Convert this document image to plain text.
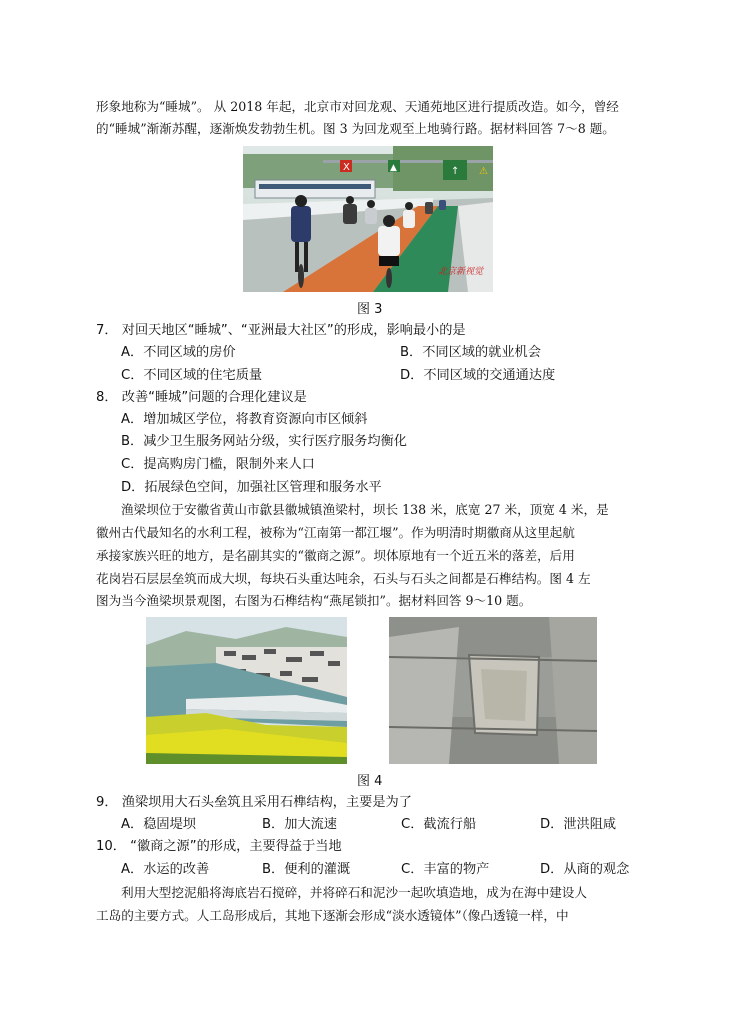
形象地称为“睡城”。 从 2018 年起，北京市对回龙观、天通苑地区进行提质改造。如今，曾经
的“睡城”渐渐苏醒，逐渐焕发勃勃生机。图 3 为回龙观至上地骑行路。据材料回答 7～8 题。
X	▲	↑ ⚠
北京新视觉
图 3
7． 对回天地区“睡城”、“亚洲最大社区”的形成，影响最小的是
A．不同区域的房价	B．不同区域的就业机会
C．不同区域的住宅质量	D．不同区域的交通通达度
8． 改善“睡城”问题的合理化建议是
A．增加城区学位，将教育资源向市区倾斜
B．减少卫生服务网站分级，实行医疗服务均衡化
C．提高购房门槛，限制外来人口
D．拓展绿色空间，加强社区管理和服务水平
渔梁坝位于安徽省黄山市歙县徽城镇渔梁村，坝长 138 米，底宽 27 米，顶宽 4 米，是
徽州古代最知名的水利工程，被称为“江南第一都江堰”。作为明清时期徽商从这里起航
承接家族兴旺的地方，是名副其实的“徽商之源”。坝体原地有一个近五米的落差，后用
花岗岩石层层垒筑而成大坝，每块石头重达吨余，石头与石头之间都是石榫结构。图 4 左
图为当今渔梁坝景观图，右图为石榫结构“燕尾锁扣”。据材料回答 9～10 题。
图 4
9． 渔梁坝用大石头垒筑且采用石榫结构，主要是为了
A．稳固堤坝	B．加大流速	C．截流行船	D．泄洪阻咸
10． “徽商之源”的形成，主要得益于当地
A．水运的改善	B．便利的灌溉	C．丰富的物产	D．从商的观念
利用大型挖泥船将海底岩石搅碎，并将碎石和泥沙一起吹填造地，成为在海中建设人
工岛的主要方式。人工岛形成后，其地下逐渐会形成“淡水透镜体”（像凸透镜一样，中
